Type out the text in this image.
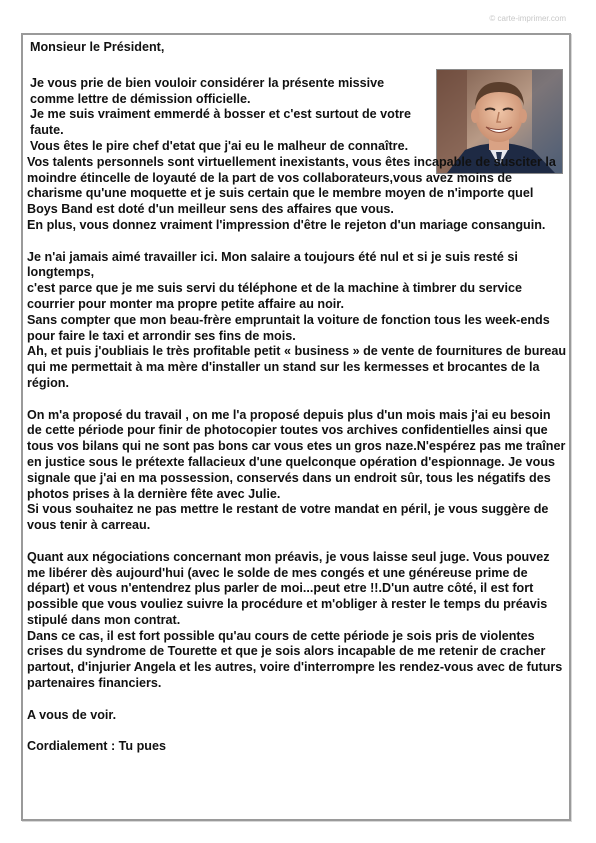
© carte-imprimer.com

Monsieur le Président,

Je vous prie de bien vouloir considérer la présente missive comme lettre de démission officielle.

Je me suis vraiment emmerdé à bosser et c'est surtout de votre faute.

Vous êtes le pire chef d'etat que j'ai eu le malheur de connaître.

Vos talents personnels sont virtuellement inexistants, vous êtes incapable de susciter la moindre étincelle de loyauté de la part de vos collaborateurs,vous avez moins de charisme qu'une moquette et je suis certain que le membre moyen de n'importe quel Boys Band est doté d'un meilleur sens des affaires que vous.

En plus, vous donnez vraiment l'impression d'être le rejeton d'un mariage consanguin.

Je n'ai jamais aimé travailler ici. Mon salaire a toujours été nul et si je suis resté si longtemps,

c'est parce que je me suis servi du téléphone et de la machine à timbrer du service courrier pour monter ma propre petite affaire au noir.

Sans compter que mon beau-frère empruntait la voiture de fonction tous les week-ends pour faire le taxi et arrondir ses fins de mois.

Ah, et puis j'oubliais le très profitable petit « business » de vente de fournitures de bureau qui me permettait à ma mère d'installer un stand sur les kermesses et brocantes de la région.

On m'a proposé du travail , on me l'a proposé depuis plus d'un mois mais j'ai eu besoin de cette période pour finir de photocopier toutes vos archives confidentielles ainsi que tous vos bilans qui ne sont pas bons car vous etes un gros naze.N'espérez pas me traîner en justice sous le prétexte fallacieux d'une quelconque opération d'espionnage. Je vous signale que j'ai en ma possession, conservés dans un endroit sûr, tous les négatifs des photos prises à la dernière fête avec Julie.

Si vous souhaitez ne pas mettre le restant de votre mandat en péril, je vous suggère de vous tenir à carreau.

Quant aux négociations concernant mon préavis, je vous laisse seul juge. Vous pouvez me libérer dès aujourd'hui (avec le solde de mes congés et une généreuse prime de départ) et vous n'entendrez plus parler de moi...peut etre !!.D'un autre côté, il est fort possible que vous vouliez suivre la procédure et m'obliger à rester le temps du préavis stipulé dans mon contrat.

Dans ce cas, il est fort possible qu'au cours de cette période je sois pris de violentes crises du syndrome de Tourette et que je sois alors incapable de me retenir de cracher partout, d'injurier Angela et les autres, voire d'interrompre les rendez-vous avec de futurs partenaires financiers.

A vous de voir.

Cordialement : Tu pues
